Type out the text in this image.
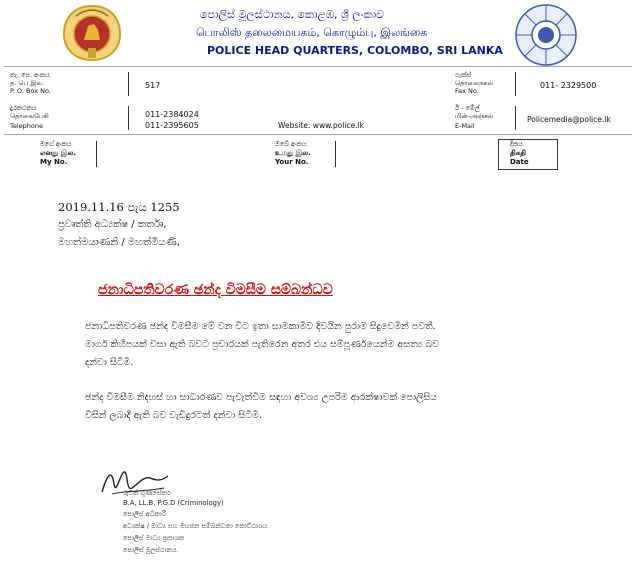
පොලිස් මූලස්ථානය, කොළඹ, ශ්‍රී ලංකාව
பொலிஸ் தலைமையகம், கொழும்பு, இலங்கை
POLICE HEAD QUARTERS, COLOMBO, SRI LANKA
තැ. පෙ. අංකය
த. பெ இல.
P. O. Box No.
517
ෆැක්ස්
தொலைநகல்
Fax No.
011- 2329500
දුරකථනය
தொலைபேசி
Telephone
011-2384024
011-2395605	Website: www.police.lk
ඊ - මේල්
மின்-அஞ்சல்
E-Mail
Policemedia@police.lk
මගේ අංකය
எனது இல.
My No.
ඔබේ අංකය
உமது இல.
Your No.
දිනය
திகதி
Date
2019.11.16 පැය 1255
ප්‍රවෘත්ති අධ්‍යක්ෂ / කර්තෘ,
මහත්මයාණනි / මහත්මියණි,
ජනාධිපතිවරණ ඡන්ද විමසීම සම්බන්ධව
ජනාධිපතිවරණ ඡන්ද විමසීම මේ වන විට ඉතා සාමකාමීව දිවයින පුරාම සිදුවෙමින් පවතී.
මාර්ග කිහිපයක් වසා ඇති බවට ප්‍රචාරයක් පැතිරෙන අතර එය සම්පූර්ණයෙන්ම අසත්‍ය බව
දන්වා සිටිමි.
ඡන්ද විමසීම නිදහස් හා සාධාරණව පැවැත්වීම සඳහා අවශ්‍ය උපරිම ආරක්ෂාවක් පොලිසිය
විසින් ලබාදී ඇති බව වැඩිදුරටත් දන්වා සිටිමි.
රුවන් ගුණසේකර
B.A, LL.B, P.G.D (Criminology)
පොලිස් අධිකාරී
අධ්‍යක්ෂ / මාධ්‍ය සහ මහජන සම්බන්ධතා කොට්ඨාශය
පොලිස් මාධ්‍ය ප්‍රකාශක
පොලිස් මූලස්ථානය.
